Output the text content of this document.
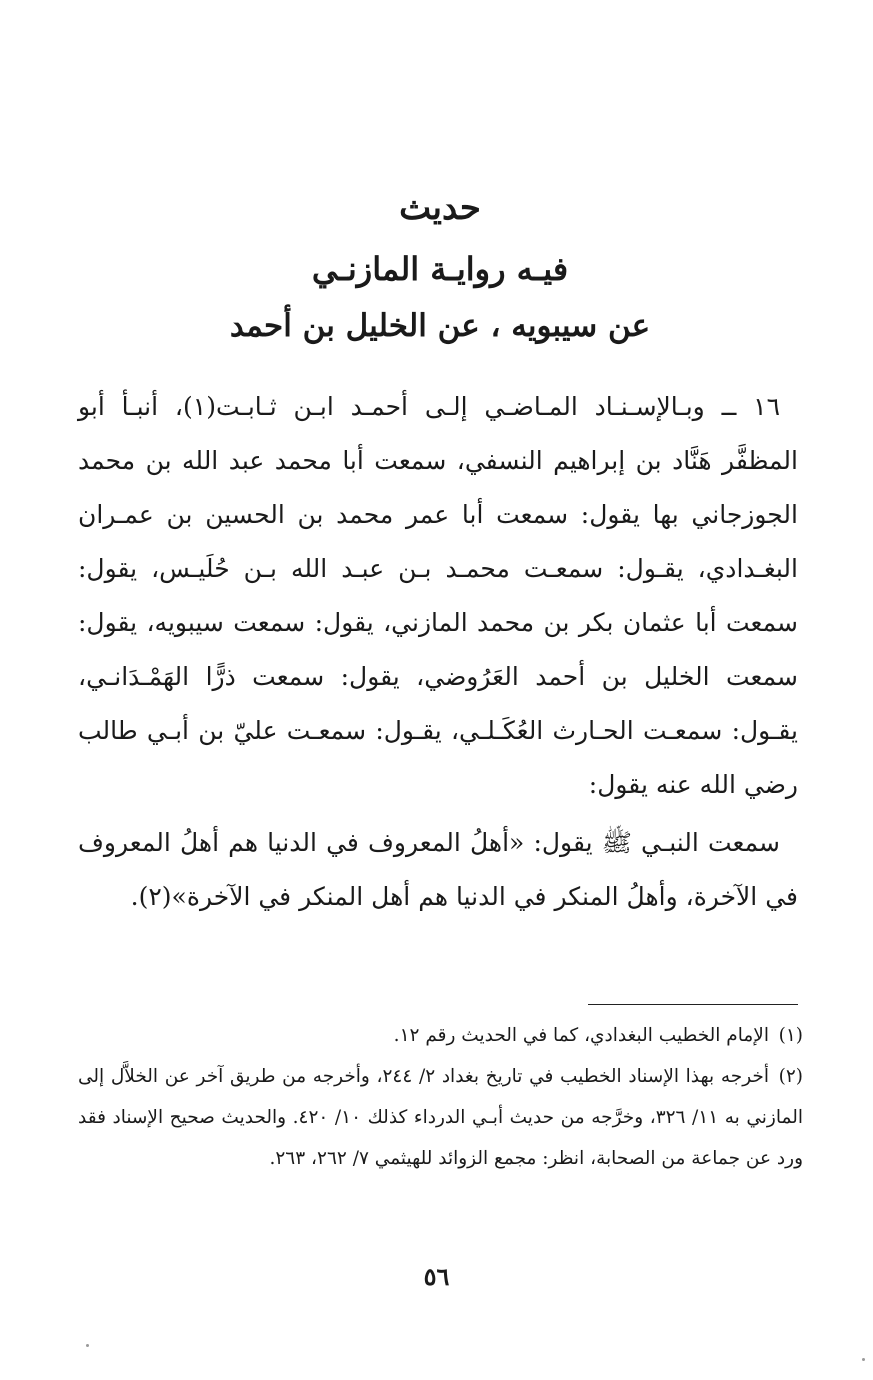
حديث
فيـه روايـة المازنـي
عن سيبويه ، عن الخليل بن أحمد
١٦ ــ وبـالإسـنـاد المـاضـي إلـى أحمـد ابـن ثـابـت(١)، أنبـأ أبو المظفَّر هَنَّاد بن إبراهيم النسفي، سمعت أبا محمد عبد الله بن محمد الجوزجاني بها يقول: سمعت أبا عمر محمد بن الحسين بن عمـران البغـدادي، يقـول: سمعـت محمـد بـن عبـد الله بـن حُلَيـس، يقول: سمعت أبا عثمان بكر بن محمد المازني، يقول: سمعت سيبويه، يقول: سمعت الخليل بن أحمد العَرُوضي، يقول: سمعت ذرًّا الهَمْـدَانـي، يقـول: سمعـت الحـارث العُكَـلـي، يقـول: سمعـت عليّ بن أبـي طالب رضي الله عنه يقول:
سمعت النبـي ﷺ يقول: «أهلُ المعروف في الدنيا هم أهلُ المعروف في الآخرة، وأهلُ المنكر في الدنيا هم أهل المنكر في الآخرة»(٢).
(١)الإمام الخطيب البغدادي، كما في الحديث رقم ١٢.
(٢)أخرجه بهذا الإسناد الخطيب في تاريخ بغداد ٢/ ٢٤٤، وأخرجه من طريق آخر عن الخلاَّل إلى المازني به ١١/ ٣٢٦، وخرَّجه من حديث أبـي الدرداء كذلك ١٠/ ٤٢٠. والحديث صحيح الإسناد فقد ورد عن جماعة من الصحابة، انظر: مجمع الزوائد للهيثمي ٧/ ٢٦٢، ٢٦٣.
٥٦
